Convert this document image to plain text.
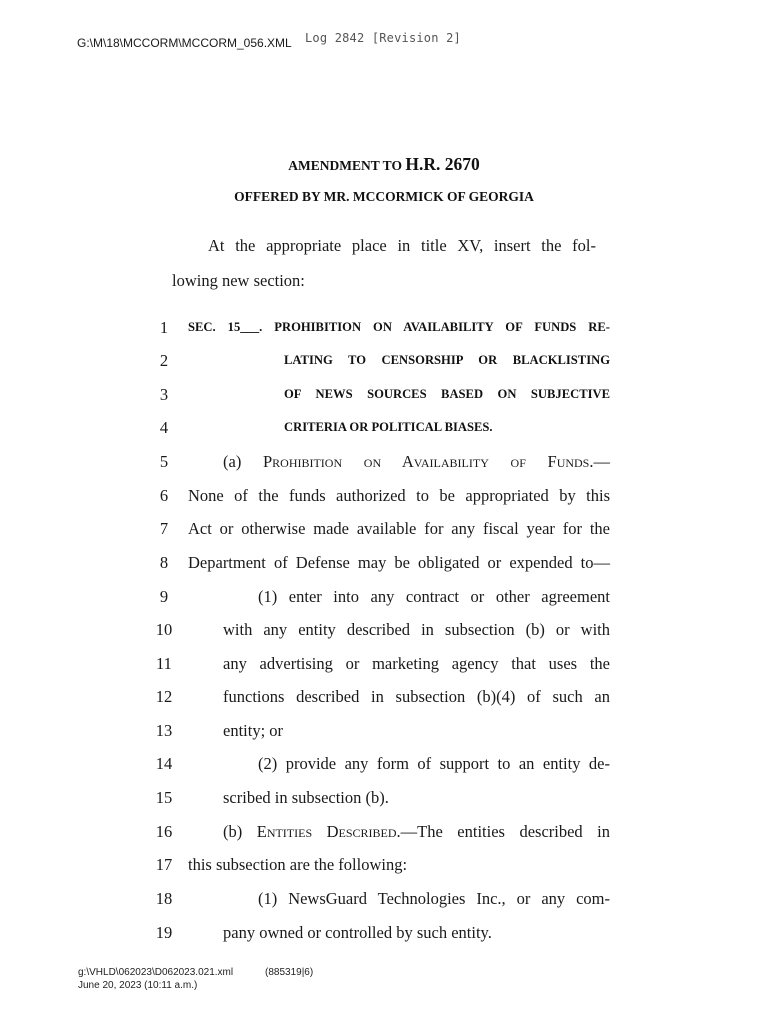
G:\M\18\MCCORM\MCCORM_056.XML Log 2842 [Revision 2]
AMENDMENT TO H.R. 2670
OFFERED BY MR. MCCORMICK OF GEORGIA
At the appropriate place in title XV, insert the fol-
lowing new section:
1	SEC. 15___. PROHIBITION ON AVAILABILITY OF FUNDS RE-
2	LATING TO CENSORSHIP OR BLACKLISTING
3	OF NEWS SOURCES BASED ON SUBJECTIVE
4	CRITERIA OR POLITICAL BIASES.
5	(a) Prohibition on Availability of Funds.—
6	None of the funds authorized to be appropriated by this
7	Act or otherwise made available for any fiscal year for the
8	Department of Defense may be obligated or expended to—
9	(1) enter into any contract or other agreement
10	with any entity described in subsection (b) or with
11	any advertising or marketing agency that uses the
12	functions described in subsection (b)(4) of such an
13	entity; or
14	(2) provide any form of support to an entity de-
15	scribed in subsection (b).
16	(b) Entities Described.—The entities described in
17 this subsection are the following:
18	(1) NewsGuard Technologies Inc., or any com-
19	pany owned or controlled by such entity.
g:\VHLD\062023\D062023.021.xml	(885319|6)
June 20, 2023 (10:11 a.m.)
